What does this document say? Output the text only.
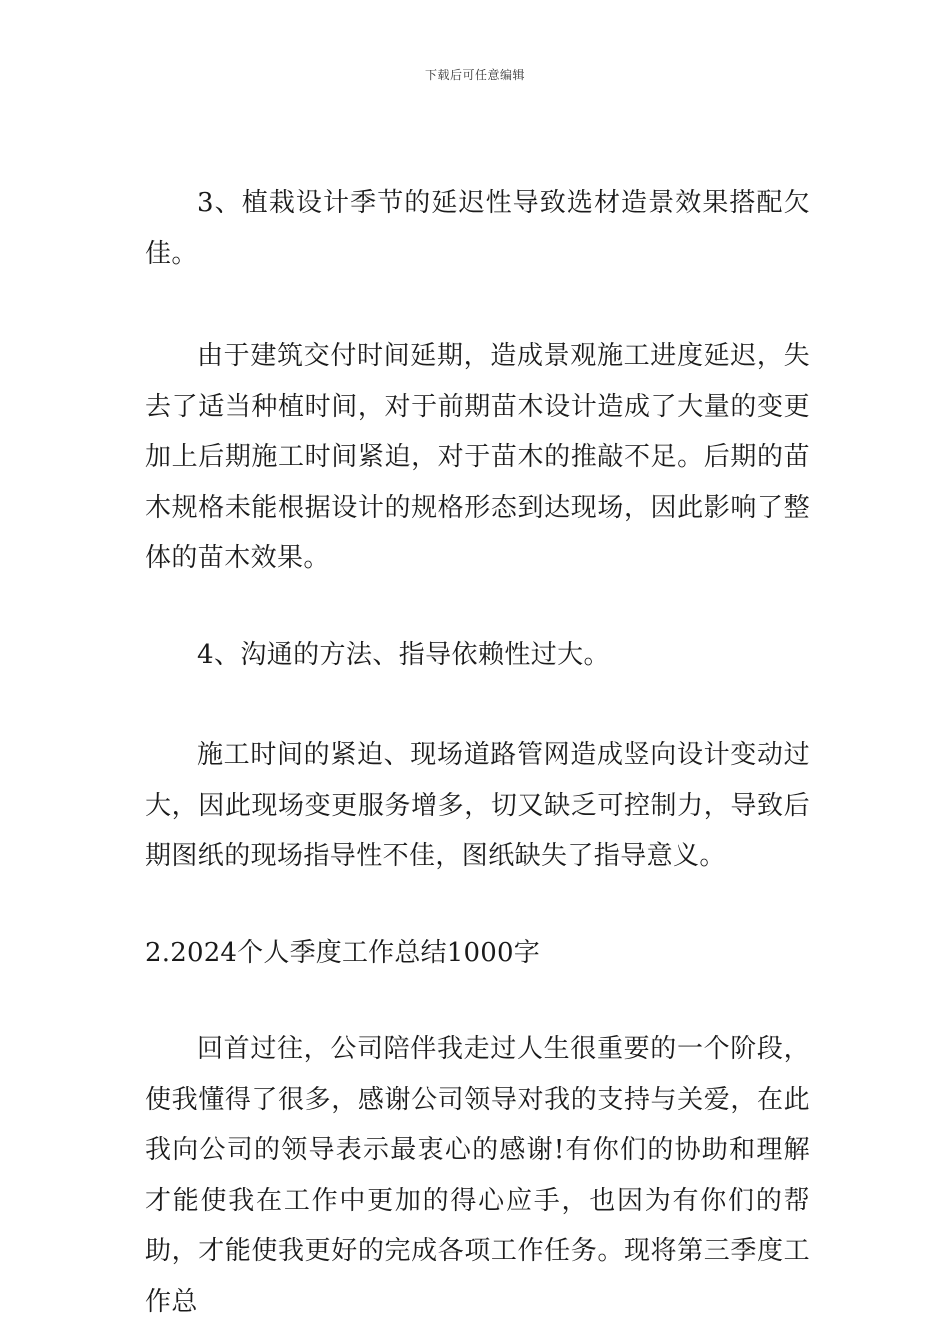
下载后可任意编辑

3、植栽设计季节的延迟性导致选材造景效果搭配欠佳。

由于建筑交付时间延期，造成景观施工进度延迟，失去了适当种植时间，对于前期苗木设计造成了大量的变更加上后期施工时间紧迫，对于苗木的推敲不足。后期的苗木规格未能根据设计的规格形态到达现场，因此影响了整体的苗木效果。

4、沟通的方法、指导依赖性过大。

施工时间的紧迫、现场道路管网造成竖向设计变动过大，因此现场变更服务增多，切又缺乏可控制力，导致后期图纸的现场指导性不佳，图纸缺失了指导意义。

2.2024个人季度工作总结1000字

回首过往，公司陪伴我走过人生很重要的一个阶段，使我懂得了很多，感谢公司领导对我的支持与关爱，在此我向公司的领导表示最衷心的感谢!有你们的协助和理解才能使我在工作中更加的得心应手，也因为有你们的帮助，才能使我更好的完成各项工作任务。现将第三季度工作总
